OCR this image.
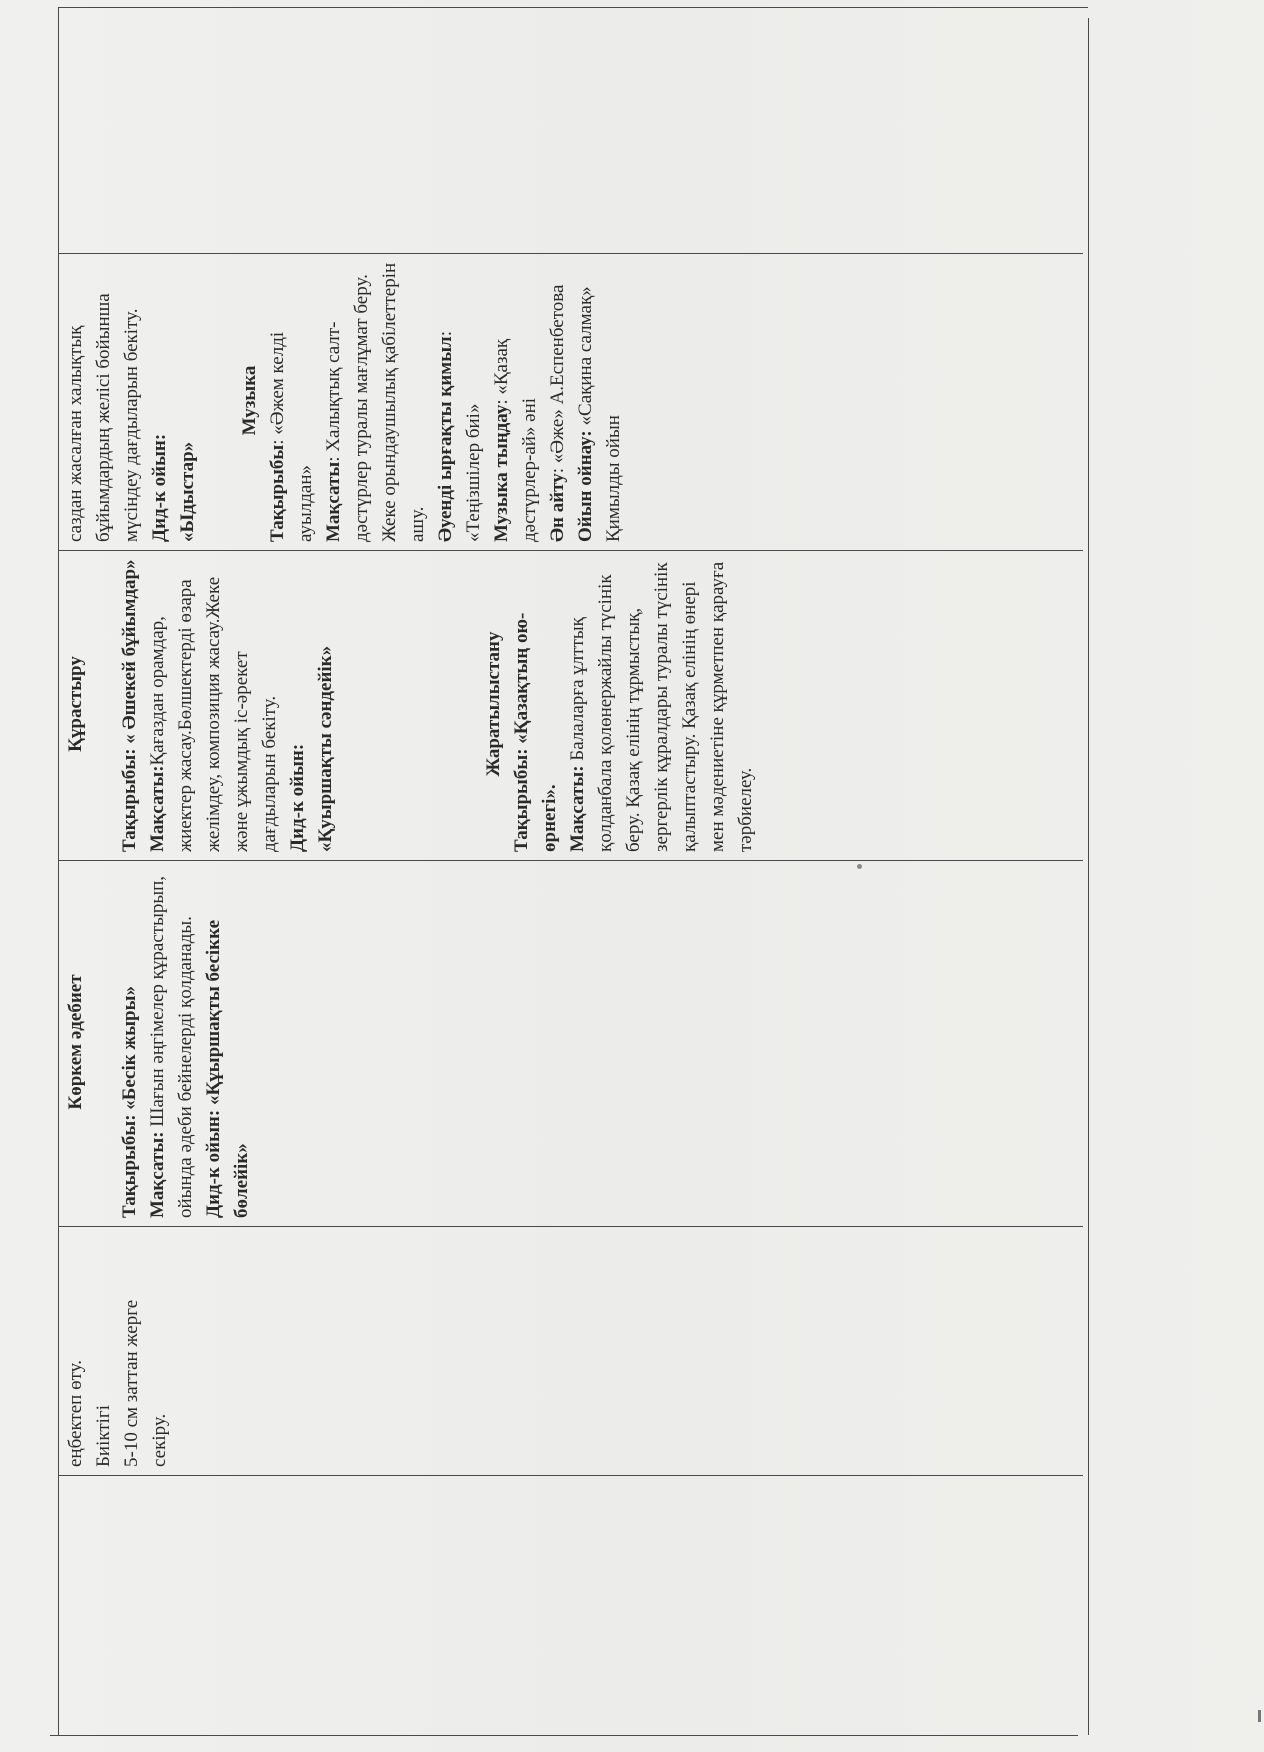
еңбектеп өту. Биіктігі 5-10 см заттан жерге секіру.

Көркем әдебиет

Тақырыбы: «Бесік жыры»

Мақсаты: Шағын әңгімелер құрастырып, ойында әдеби бейнелерді қолданады. Дид-к ойын: «Құыршақты бесікке бөлейік»

Құрастыру Тақырыбы: « Әшекей бұйымдар» Мақсаты:Қағаздан орамдар, жиектер жасау.Бөлшектерді өзара желімдеу, композиция жасау.Жеке және ұжымдық іс-әрекет дағдыларын бекіту. Дид-к ойын: «Қуыршақты сәндейік»	Жаратылыстану Тақырыбы: «Қазақтың ою- өрнегі». Мақсаты: Балаларға ұлттық қолданбала қолөнержайлы түсінік беру. Қазақ елінің тұрмыстық, зергерлік құралдары туралы түсінік қалыптастыру. Қазақ елінің өнері мен мәдениетіне құрметпен қарауға тәрбиелеу.

саздан жасалған халықтық бұйымдардың желісі бойынша мүсіндеу дағдыларын бекіту. Дид-к ойын: «Ыдыстар»

Музыка

Тақырыбы: «Әжем келді ауылдан» Мақсаты: Халықтық салт-дәстүрлер туралы мағлұмат беру. Жеке орындаушылық қабілеттерін ашу. Әуенді ырғақты қимыл: «Теңізшілер биі» Музыка тыңдау: «Қазақ дәстүрлер-ай» әні Ән айту: «Әже» А.Еспенбетова

Ойын ойнау: «Сақина салмақ» Қимылды ойын
